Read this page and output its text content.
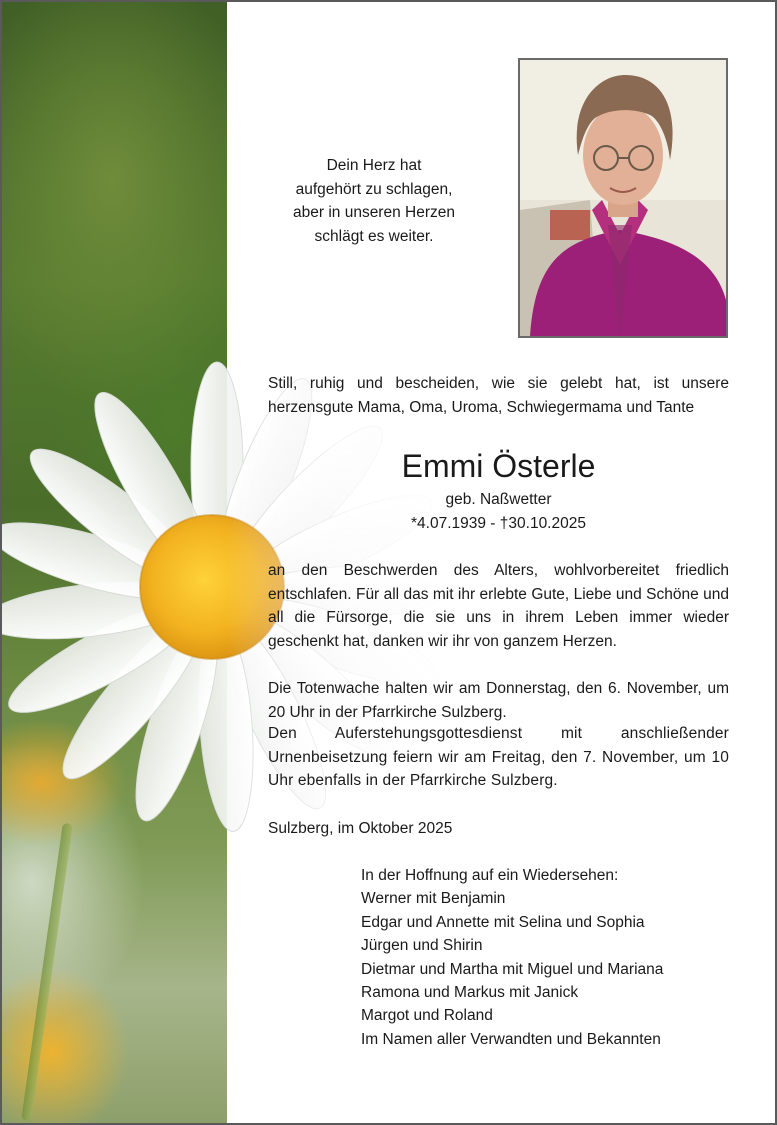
Dein Herz hat
aufgehört zu schlagen,
aber in unseren Herzen
schlägt es weiter.

Still, ruhig und bescheiden, wie sie gelebt hat, ist unsere herzensgute Mama, Oma, Uroma, Schwiegermama und Tante

Emmi Österle

geb. Naßwetter

*4.07.1939 - †30.10.2025

an den Beschwerden des Alters, wohlvorbereitet friedlich entschlafen. Für all das mit ihr erlebte Gute, Liebe und Schöne und all die Fürsorge, die sie uns in ihrem Leben immer wieder geschenkt hat, danken wir ihr von ganzem Herzen.

Die Totenwache halten wir am Donnerstag, den 6. November, um 20 Uhr in der Pfarrkirche Sulzberg.

Den Auferstehungsgottesdienst mit anschließender Urnenbeisetzung feiern wir am Freitag, den 7. November, um 10 Uhr ebenfalls in der Pfarrkirche Sulzberg.

Sulzberg, im Oktober 2025

In der Hoffnung auf ein Wiedersehen:
Werner mit Benjamin
Edgar und Annette mit Selina und Sophia
Jürgen und Shirin
Dietmar und Martha mit Miguel und Mariana
Ramona und Markus mit Janick
Margot und Roland
Im Namen aller Verwandten und Bekannten
